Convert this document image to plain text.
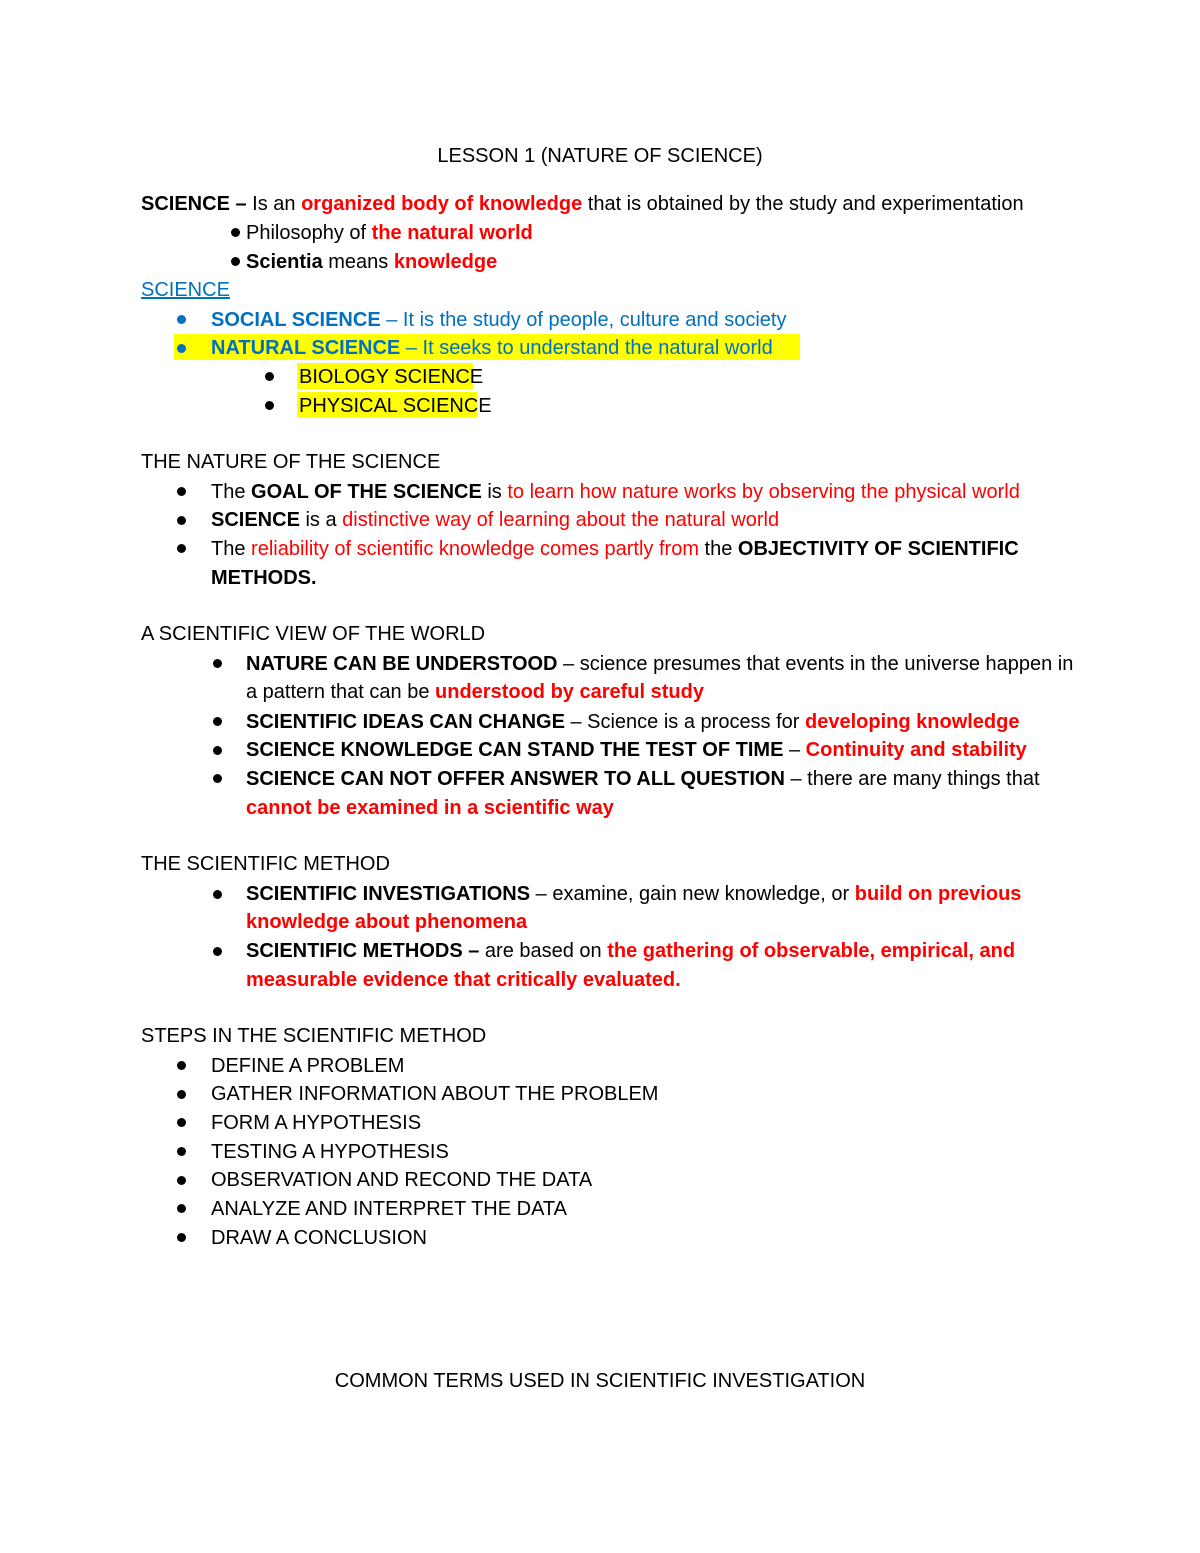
LESSON 1 (NATURE OF SCIENCE)
SCIENCE – Is an organized body of knowledge that is obtained by the study and experimentation
Philosophy of the natural world
Scientia means knowledge
SCIENCE
SOCIAL SCIENCE – It is the study of people, culture and society
NATURAL SCIENCE – It seeks to understand the natural world
BIOLOGY SCIENCE
PHYSICAL SCIENCE
THE NATURE OF THE SCIENCE
The GOAL OF THE SCIENCE is to learn how nature works by observing the physical world
SCIENCE is a distinctive way of learning about the natural world
The reliability of scientific knowledge comes partly from the OBJECTIVITY OF SCIENTIFIC
METHODS.
A SCIENTIFIC VIEW OF THE WORLD
NATURE CAN BE UNDERSTOOD – science presumes that events in the universe happen in
a pattern that can be understood by careful study
SCIENTIFIC IDEAS CAN CHANGE – Science is a process for developing knowledge
SCIENCE KNOWLEDGE CAN STAND THE TEST OF TIME – Continuity and stability
SCIENCE CAN NOT OFFER ANSWER TO ALL QUESTION – there are many things that
cannot be examined in a scientific way
THE SCIENTIFIC METHOD
SCIENTIFIC INVESTIGATIONS – examine, gain new knowledge, or build on previous
knowledge about phenomena
SCIENTIFIC METHODS – are based on the gathering of observable, empirical, and
measurable evidence that critically evaluated.
STEPS IN THE SCIENTIFIC METHOD
DEFINE A PROBLEM
GATHER INFORMATION ABOUT THE PROBLEM
FORM A HYPOTHESIS
TESTING A HYPOTHESIS
OBSERVATION AND RECOND THE DATA
ANALYZE AND INTERPRET THE DATA
DRAW A CONCLUSION
COMMON TERMS USED IN SCIENTIFIC INVESTIGATION
